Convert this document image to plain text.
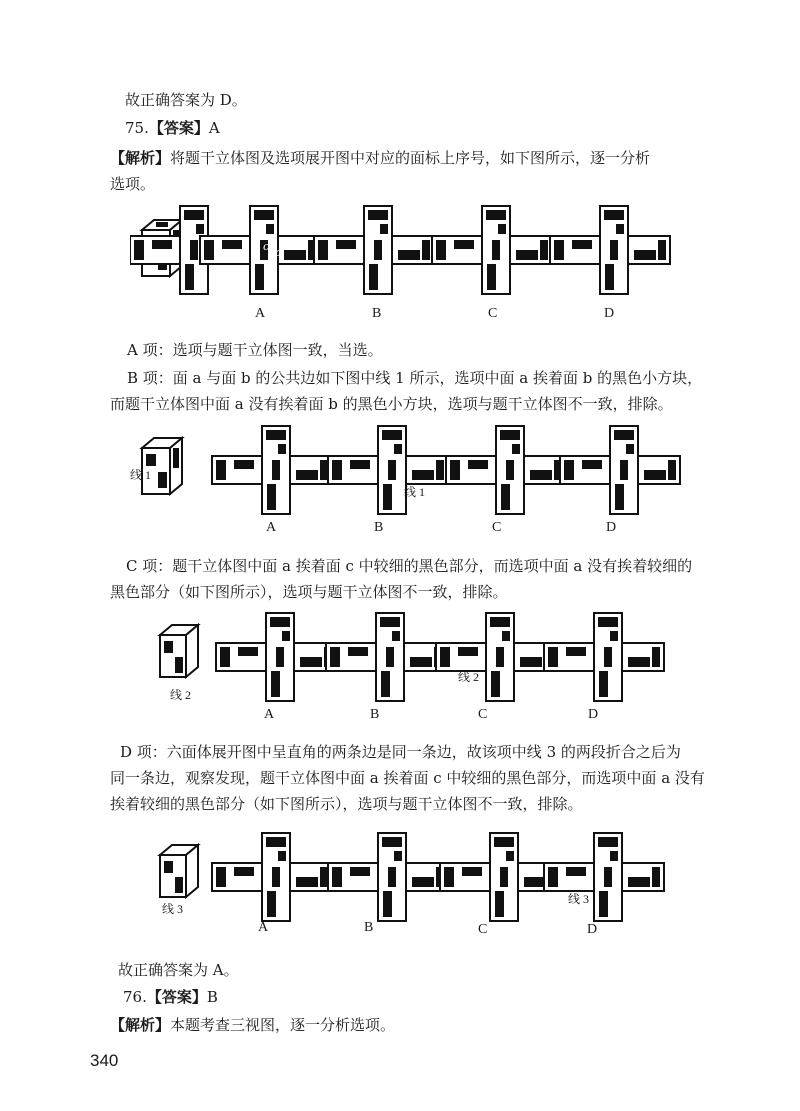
故正确答案为 D。
75.【答案】A
【解析】将题干立体图及选项展开图中对应的面标上序号，如下图所示，逐一分析
选项。
c a
A	B	C	D
A 项：选项与题干立体图一致，当选。
B 项：面 a 与面 b 的公共边如下图中线 1 所示，选项中面 a 挨着面 b 的黑色小方块，
而题干立体图中面 a 没有挨着面 b 的黑色小方块，选项与题干立体图不一致，排除。
线 1
线 1
A	B	C	D
C 项：题干立体图中面 a 挨着面 c 中较细的黑色部分，而选项中面 a 没有挨着较细的
黑色部分（如下图所示），选项与题干立体图不一致，排除。
线 2
线 2
A	B	C	D
D 项：六面体展开图中呈直角的两条边是同一条边，故该项中线 3 的两段折合之后为
同一条边，观察发现，题干立体图中面 a 挨着面 c 中较细的黑色部分，而选项中面 a 没有
挨着较细的黑色部分（如下图所示），选项与题干立体图不一致，排除。
线 3
线 3
A	B	C	D
故正确答案为 A。
76.【答案】B
【解析】本题考查三视图，逐一分析选项。
340
